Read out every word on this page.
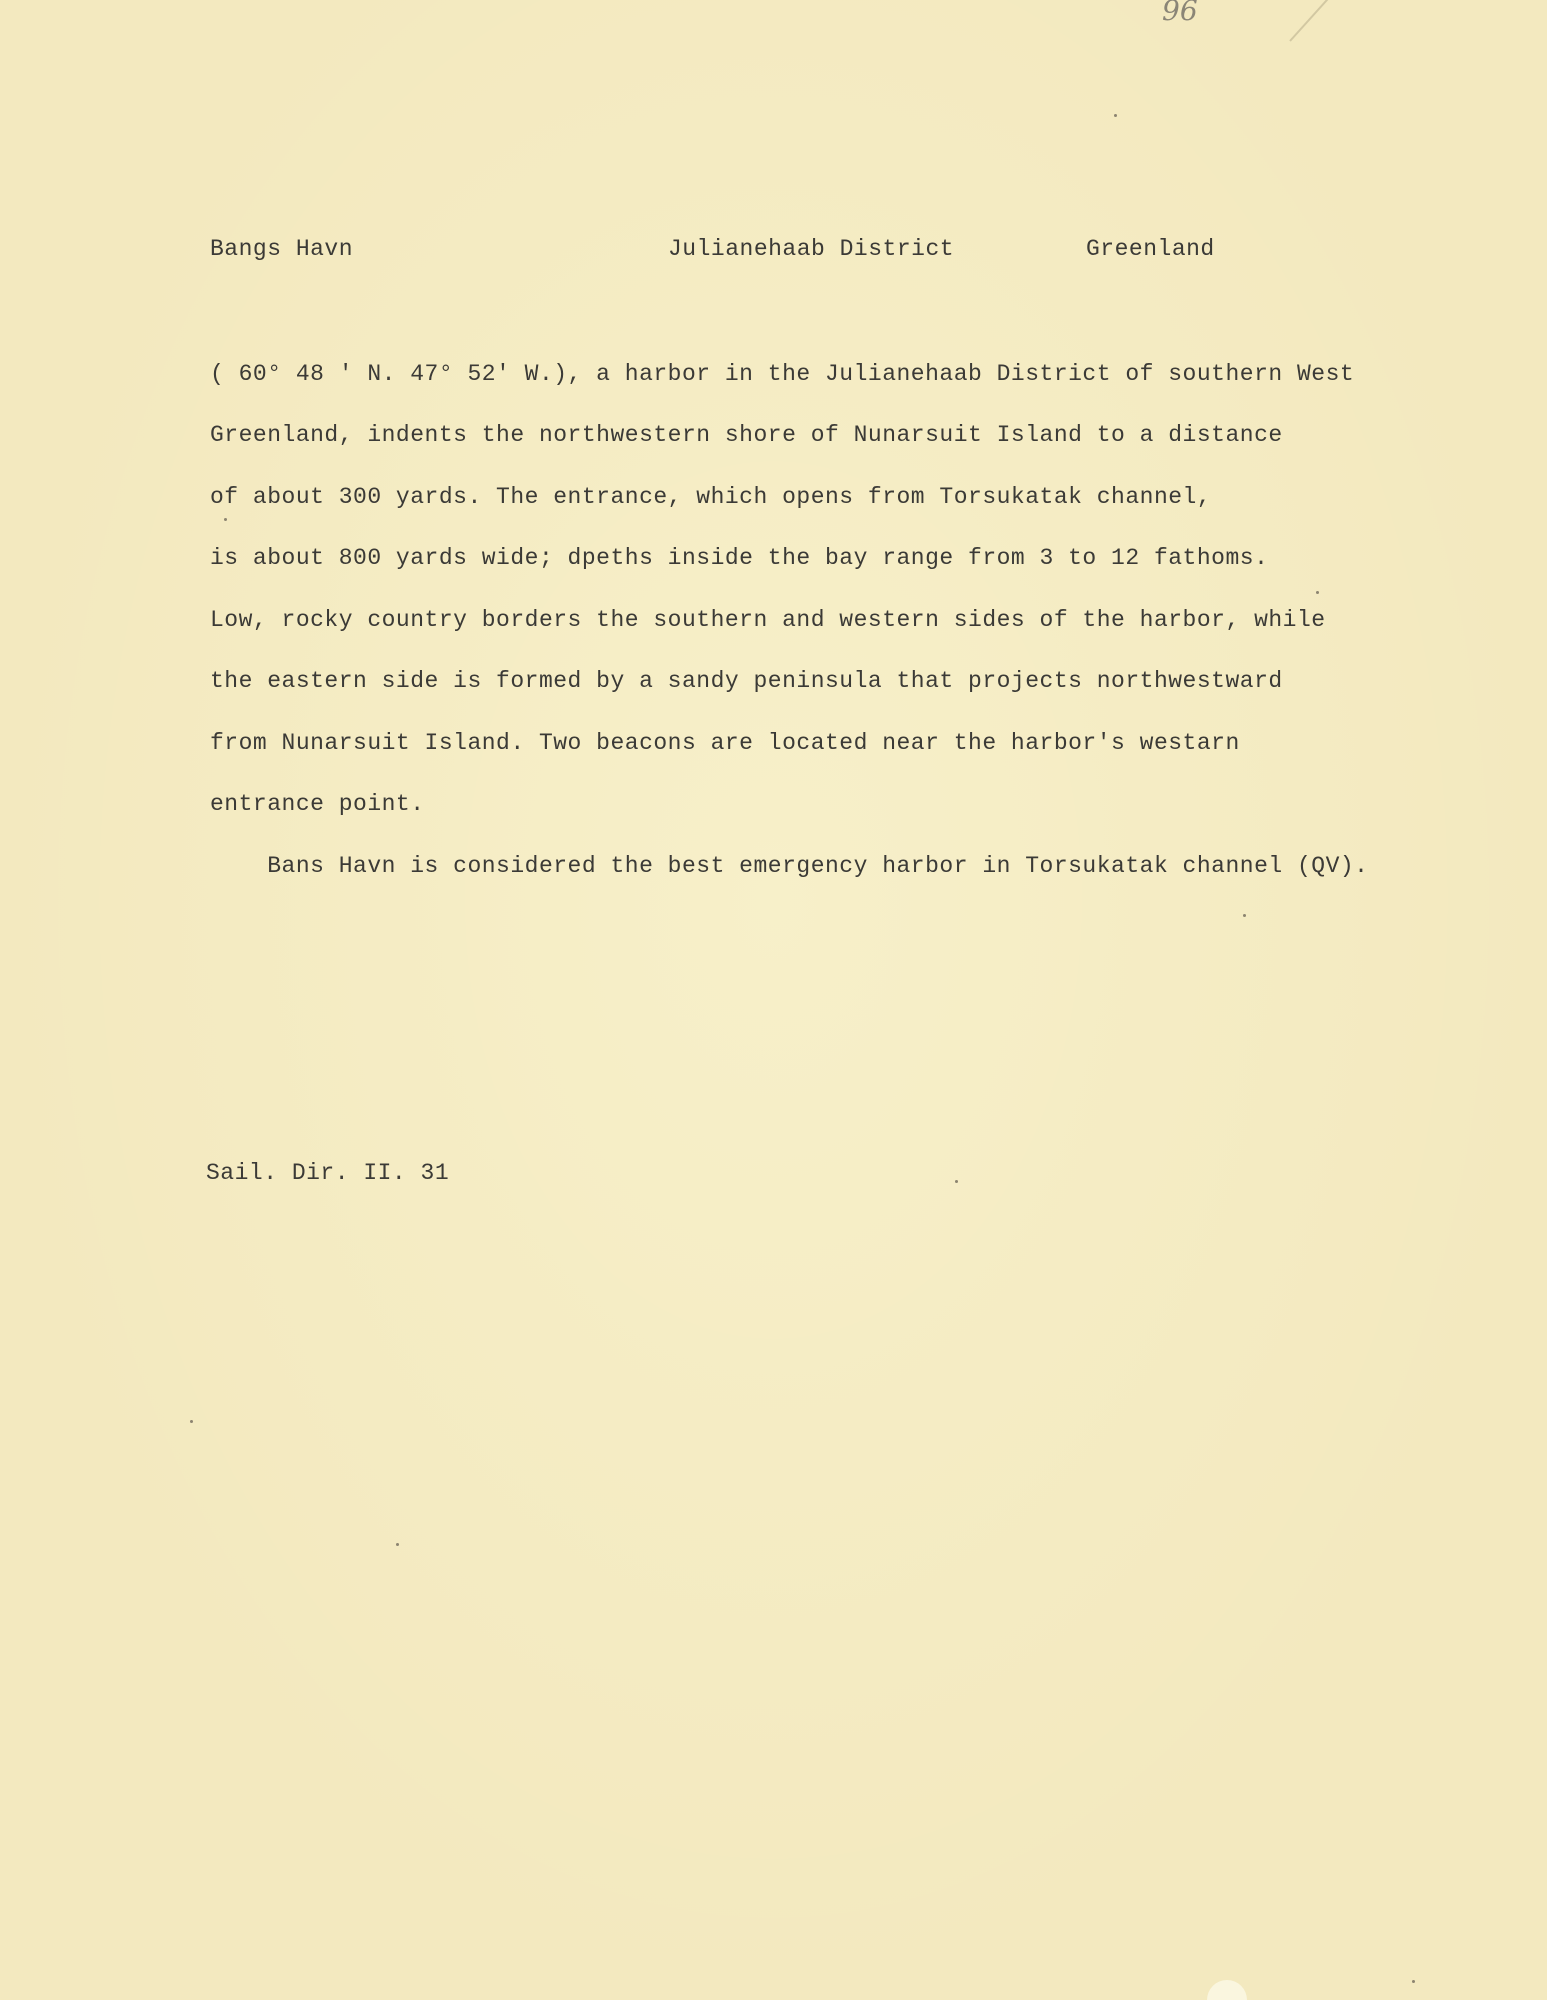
96
Bangs Havn	Julianehaab District	Greenland
( 60° 48 ' N. 47° 52' W.), a harbor in the Julianehaab District of southern West
Greenland, indents the northwestern shore of Nunarsuit Island to a distance
of about 300 yards. The entrance, which opens from Torsukatak channel,
is about 800 yards wide; dpeths inside the bay range from 3 to 12 fathoms.
Low, rocky country borders the southern and western sides of the harbor, while
the eastern side is formed by a sandy peninsula that projects northwestward
from Nunarsuit Island. Two beacons are located near the harbor's westarn
entrance point.
Bans Havn is considered the best emergency harbor in Torsukatak channel (QV).
Sail. Dir. II. 31
